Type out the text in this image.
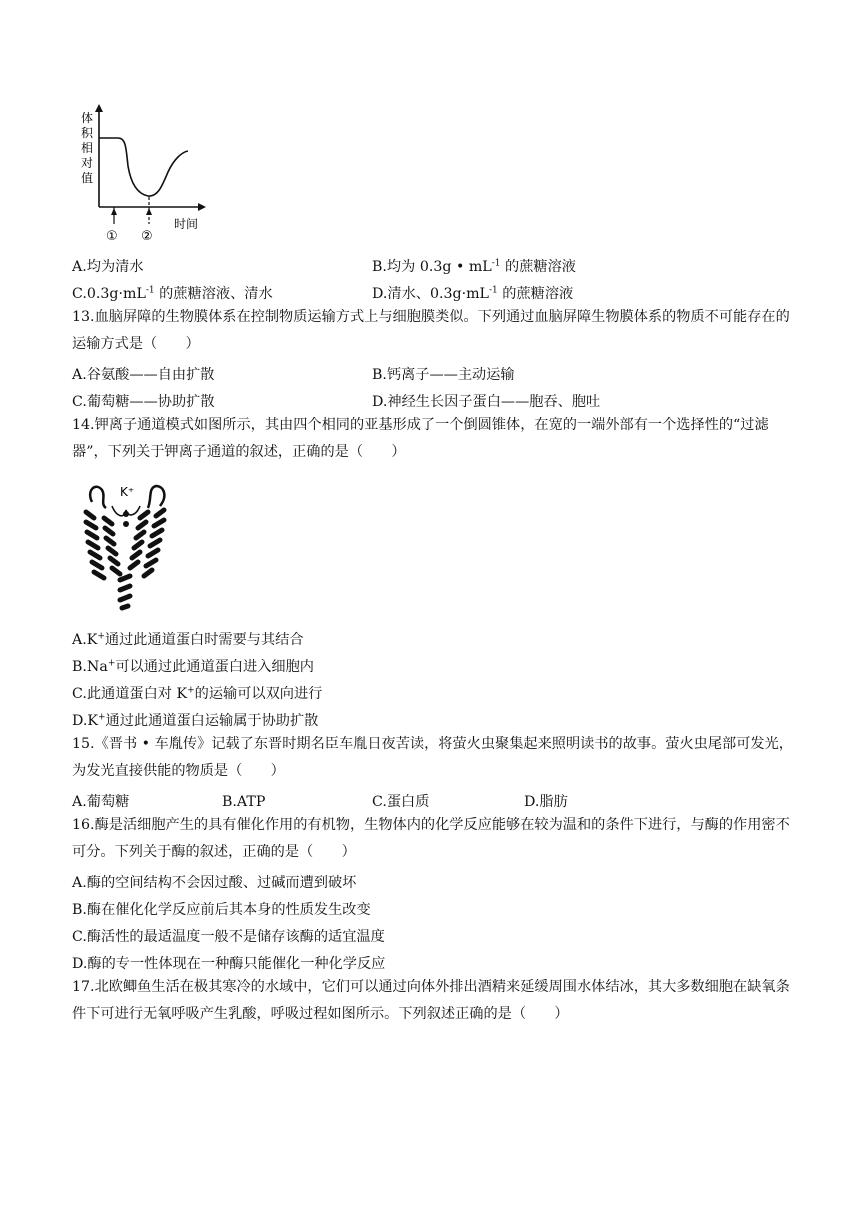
体
积
相
对
值
① ②
时间
A.均为清水	B.均为 0.3g • $mL^{-1}$ 的蔗糖溶液
$C.0.3g\cdot mL^{-1}$ 的蔗糖溶液、清水	D.清水、$0.3g\cdot mL^{-1}$ 的蔗糖溶液
13.血脑屏障的生物膜体系在控制物质运输方式上与细胞膜类似。下列通过血脑屏障生物膜体系的物质不可能存在的运输方式是（　　）
A.谷氨酸——自由扩散	B.钙离子——主动运输
C.葡萄糖——协助扩散	D.神经生长因子蛋白——胞吞、胞吐
14.钾离子通道模式如图所示，其由四个相同的亚基形成了一个倒圆锥体，在宽的一端外部有一个选择性的“过滤器”，下列关于钾离子通道的叙述，正确的是（　　）
K⁺
A.K+通过此通道蛋白时需要与其结合
B.Na+可以通过此通道蛋白进入细胞内
C.此通道蛋白对 K+的运输可以双向进行
D.K+通过此通道蛋白运输属于协助扩散
15.《晋书 • 车胤传》记载了东晋时期名臣车胤日夜苦读，将萤火虫聚集起来照明读书的故事。萤火虫尾部可发光，为发光直接供能的物质是（　　）
A.葡萄糖	B.ATP	C.蛋白质	D.脂肪
16.酶是活细胞产生的具有催化作用的有机物，生物体内的化学反应能够在较为温和的条件下进行，与酶的作用密不可分。下列关于酶的叙述，正确的是（　　）
A.酶的空间结构不会因过酸、过碱而遭到破坏
B.酶在催化化学反应前后其本身的性质发生改变
C.酶活性的最适温度一般不是储存该酶的适宜温度
D.酶的专一性体现在一种酶只能催化一种化学反应
17.北欧鲫鱼生活在极其寒冷的水域中，它们可以通过向体外排出酒精来延缓周围水体结冰，其大多数细胞在缺氧条件下可进行无氧呼吸产生乳酸，呼吸过程如图所示。下列叙述正确的是（　　）
